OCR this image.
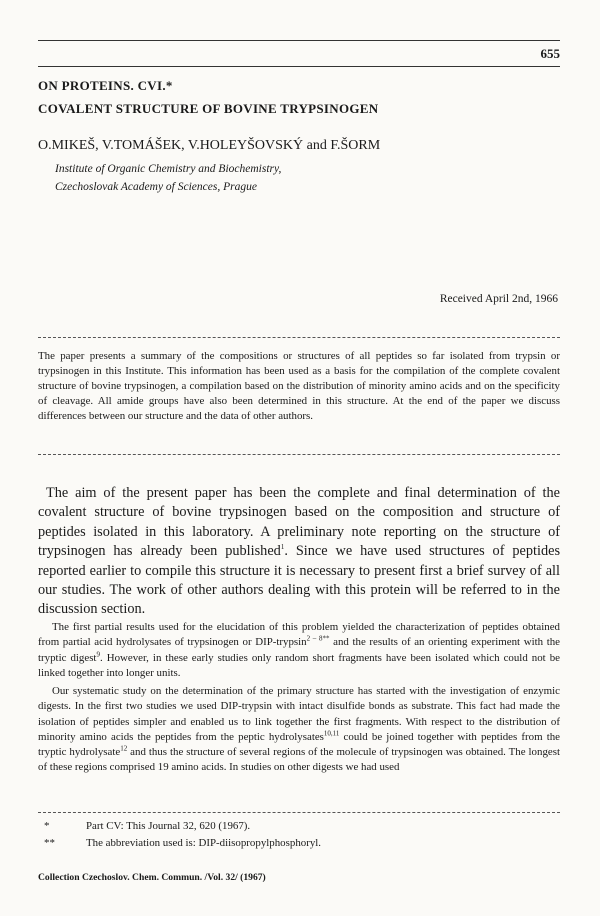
655
ON PROTEINS. CVI.*
COVALENT STRUCTURE OF BOVINE TRYPSINOGEN
O.MIKEŠ, V.TOMÁŠEK, V.HOLEYŠOVSKÝ and F.ŠORM
Institute of Organic Chemistry and Biochemistry,
Czechoslovak Academy of Sciences, Prague
Received April 2nd, 1966

The paper presents a summary of the compositions or structures of all peptides so far isolated from trypsin or trypsinogen in this Institute. This information has been used as a basis for the compilation of the complete covalent structure of bovine trypsinogen, a compilation based on the distribution of minority amino acids and on the specificity of cleavage. All amide groups have also been determined in this structure. At the end of the paper we discuss differences between our structure and the data of other authors.

The aim of the present paper has been the complete and final determination of the covalent structure of bovine trypsinogen based on the composition and structure of peptides isolated in this laboratory. A preliminary note reporting on the structure of trypsinogen has already been published$^1$. Since we have used structures of peptides reported earlier to compile this structure it is necessary to present first a brief survey of all our studies. The work of other authors dealing with this protein will be referred to in the discussion section.

The first partial results used for the elucidation of this problem yielded the characterization of peptides obtained from partial acid hydrolysates of trypsinogen or DIP-trypsin$^{2 - 8**}$ and the results of an orienting experiment with the tryptic digest$^9$. However, in these early studies only random short fragments have been isolated which could not be linked together into longer units.

Our systematic study on the determination of the primary structure has started with the investigation of enzymic digests. In the first two studies we used DIP-trypsin with intact disulfide bonds as substrate. This fact had made the isolation of peptides simpler and enabled us to link together the first fragments. With respect to the distribution of minority amino acids the peptides from the peptic hydrolysates$^{10,11}$ could be joined together with peptides from the tryptic hydrolysate$^{12}$ and thus the structure of several regions of the molecule of trypsinogen was obtained. The longest of these regions comprised 19 amino acids. In studies on other digests we had used

*	Part CV: This Journal 32, 620 (1967).
**	The abbreviation used is: DIP-diisopropylphosphoryl.
Collection Czechoslov. Chem. Commun. /Vol. 32/ (1967)
